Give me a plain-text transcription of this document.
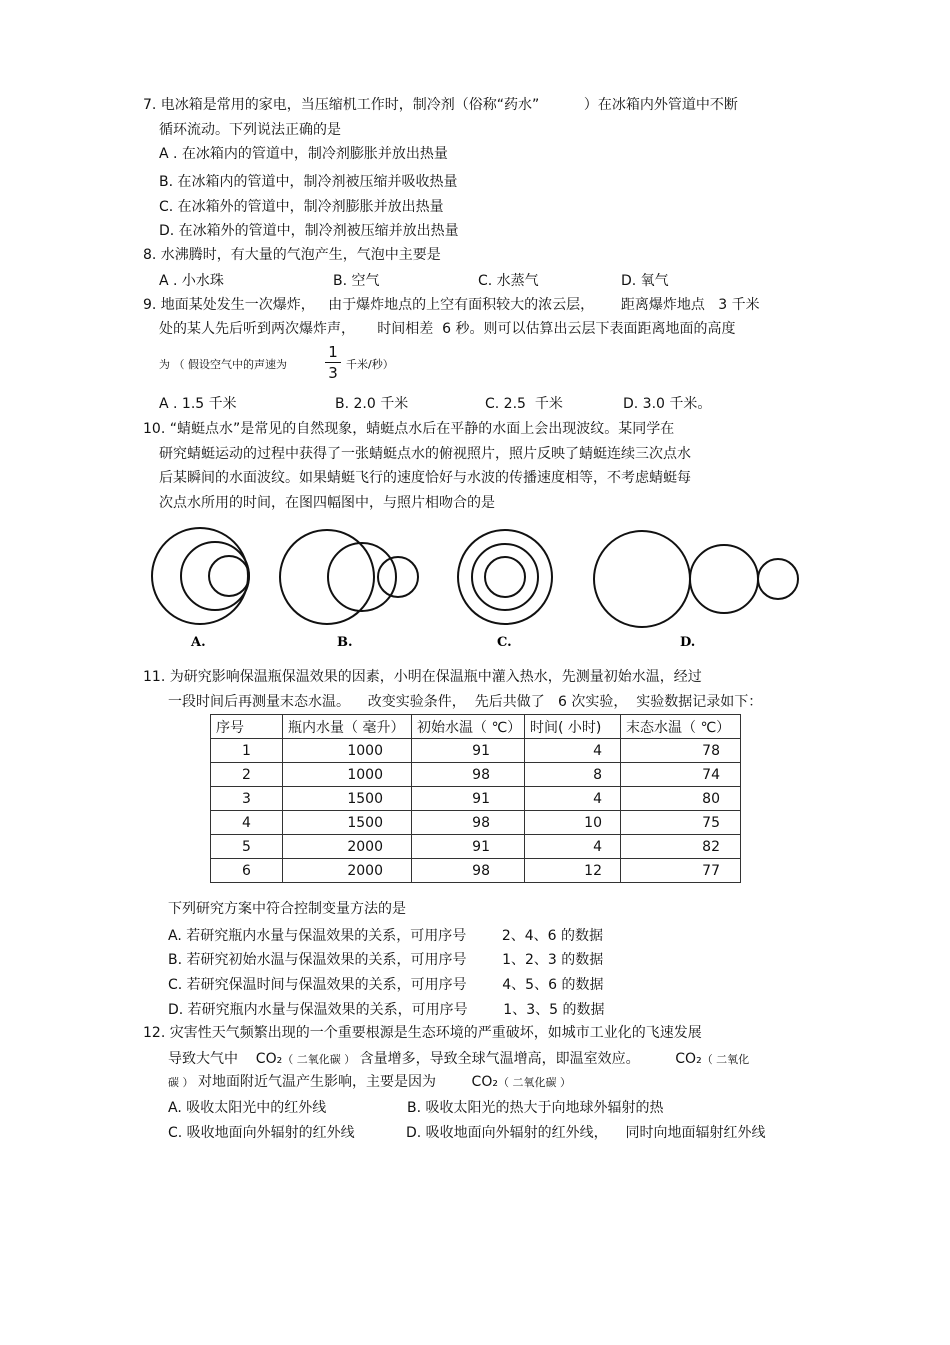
7. 电冰箱是常用的家电，当压缩机工作时，制冷剂（俗称“药水”          ）在冰箱内外管道中不断
循环流动。下列说法正确的是
A . 在冰箱内的管道中，制冷剂膨胀并放出热量
B. 在冰箱内的管道中，制冷剂被压缩并吸收热量
C. 在冰箱外的管道中，制冷剂膨胀并放出热量
D. 在冰箱外的管道中，制冷剂被压缩并放出热量
8. 水沸腾时，有大量的气泡产生，气泡中主要是
A . 小水珠	B. 空气	C. 水蒸气	D. 氧气
9. 地面某处发生一次爆炸，   由于爆炸地点的上空有面积较大的浓云层，      距离爆炸地点   3 千米
处的某人先后听到两次爆炸声，     时间相差  6 秒。则可以估算出云层下表面距离地面的高度
为 （ 假设空气中的声速为
1
3 千米/秒）
A . 1.5 千米	B. 2.0 千米	C. 2.5  千米	D. 3.0 千米。
10. “蜻蜓点水”是常见的自然现象，蜻蜓点水后在平静的水面上会出现波纹。某同学在
研究蜻蜓运动的过程中获得了一张蜻蜓点水的俯视照片，照片反映了蜻蜓连续三次点水
后某瞬间的水面波纹。如果蜻蜓飞行的速度恰好与水波的传播速度相等，不考虑蜻蜓每
次点水所用的时间，在图四幅图中，与照片相吻合的是
A.	B.	C.	D.
11. 为研究影响保温瓶保温效果的因素，小明在保温瓶中灌入热水，先测量初始水温，经过
一段时间后再测量末态水温。    改变实验条件，  先后共做了   6 次实验，  实验数据记录如下：
序号	瓶内水量（ 毫升）	初始水温（ ℃）	时间( 小时)	末态水温（ ℃）
1	1000	91	4	78
2	1000	98	8	74
3	1500	91	4	80
4	1500	98	10	75
5	2000	91	4	82
6	2000	98	12	77
下列研究方案中符合控制变量方法的是
A. 若研究瓶内水量与保温效果的关系，可用序号        2、4、6 的数据
B. 若研究初始水温与保温效果的关系，可用序号        1、2、3 的数据
C. 若研究保温时间与保温效果的关系，可用序号        4、5、6 的数据
D. 若研究瓶内水量与保温效果的关系，可用序号        1、3、5 的数据
12. 灾害性天气频繁出现的一个重要根源是生态环境的严重破坏，如城市工业化的飞速发展
导致大气中    CO₂（ 二氧化碳 ） 含量增多，导致全球气温增高，即温室效应。        CO₂（ 二氧化
碳 ） 对地面附近气温产生影响，主要是因为        CO₂（ 二氧化碳 ）
A. 吸收太阳光中的红外线	B. 吸收太阳光的热大于向地球外辐射的热
C. 吸收地面向外辐射的红外线	D. 吸收地面向外辐射的红外线，    同时向地面辐射红外线
